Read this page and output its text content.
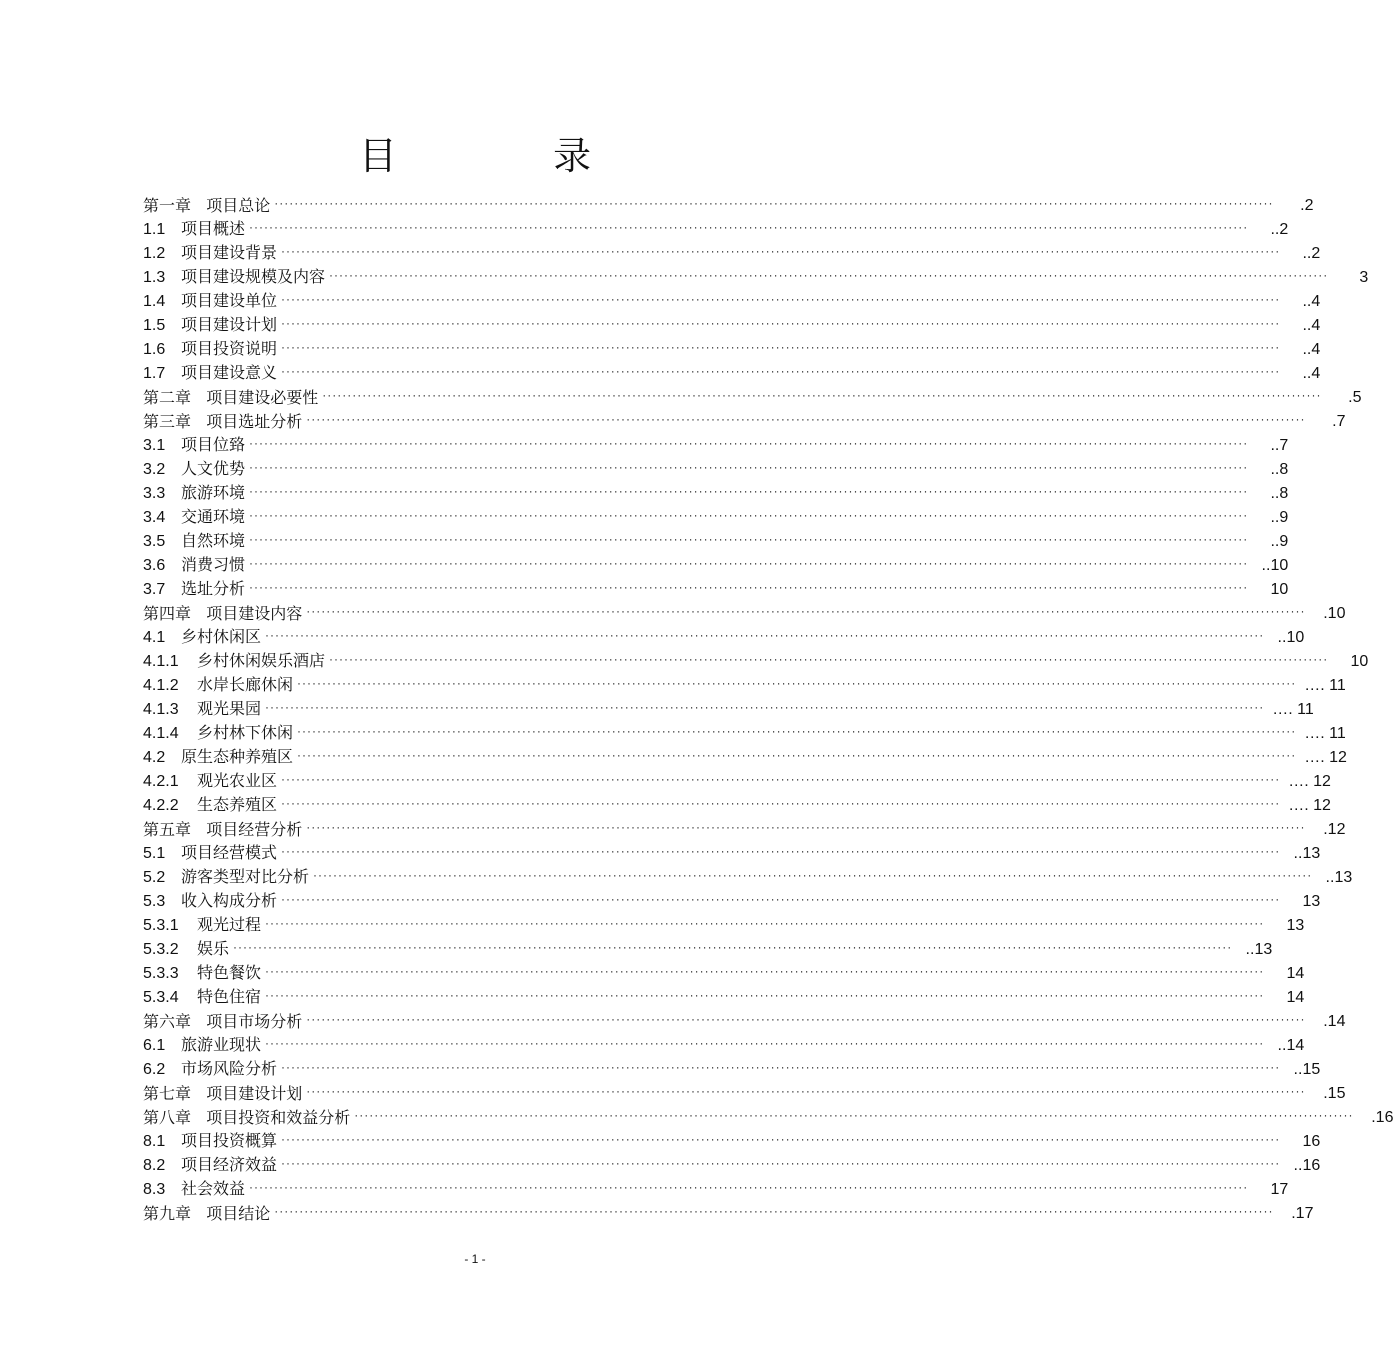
目   录
第一章   项目总论 ········································································································································································································	.2
1.1 项目概述 ········································································································································································································	..2
1.2 项目建设背景 ········································································································································································································	..2
1.3 项目建设规模及内容 ········································································································································································································	3
1.4 项目建设单位 ········································································································································································································	..4
1.5 项目建设计划 ········································································································································································································	..4
1.6 项目投资说明 ········································································································································································································	..4
1.7 项目建设意义 ········································································································································································································	..4
第二章   项目建设必要性 ········································································································································································································	.5
第三章   项目选址分析 ········································································································································································································	.7
3.1 项目位臵 ········································································································································································································	..7
3.2 人文优势 ········································································································································································································	..8
3.3 旅游环境 ········································································································································································································	..8
3.4 交通环境 ········································································································································································································	..9
3.5 自然环境 ········································································································································································································	..9
3.6 消费习惯 ········································································································································································································ ..10
3.7 选址分析 ········································································································································································································	10
第四章   项目建设内容 ········································································································································································································	.10
4.1 乡村休闲区 ········································································································································································································ ..10
4.1.1 乡村休闲娱乐酒店 ········································································································································································································	10
4.1.2 水岸长廊休闲 ········································································································································································································ …. 11
4.1.3 观光果园 ········································································································································································································ …. 11
4.1.4 乡村林下休闲 ········································································································································································································ …. 11
4.2 原生态种养殖区 ········································································································································································································ …. 12
4.2.1 观光农业区 ········································································································································································································ …. 12
4.2.2 生态养殖区 ········································································································································································································ …. 12
第五章   项目经营分析 ········································································································································································································	.12
5.1 项目经营模式 ········································································································································································································ ..13
5.2 游客类型对比分析 ········································································································································································································ ..13
5.3 收入构成分析 ········································································································································································································	13
5.3.1 观光过程 ········································································································································································································	13
5.3.2 娱乐 ········································································································································································································ ..13
5.3.3 特色餐饮 ········································································································································································································	14
5.3.4 特色住宿 ········································································································································································································	14
第六章   项目市场分析 ········································································································································································································	.14
6.1 旅游业现状 ········································································································································································································ ..14
6.2 市场风险分析 ········································································································································································································ ..15
第七章   项目建设计划 ········································································································································································································	.15
第八章   项目投资和效益分析 ········································································································································································································	.16
8.1 项目投资概算 ········································································································································································································	16
8.2 项目经济效益 ········································································································································································································ ..16
8.3 社会效益 ········································································································································································································	17
第九章   项目结论 ········································································································································································································	.17
- 1 -
